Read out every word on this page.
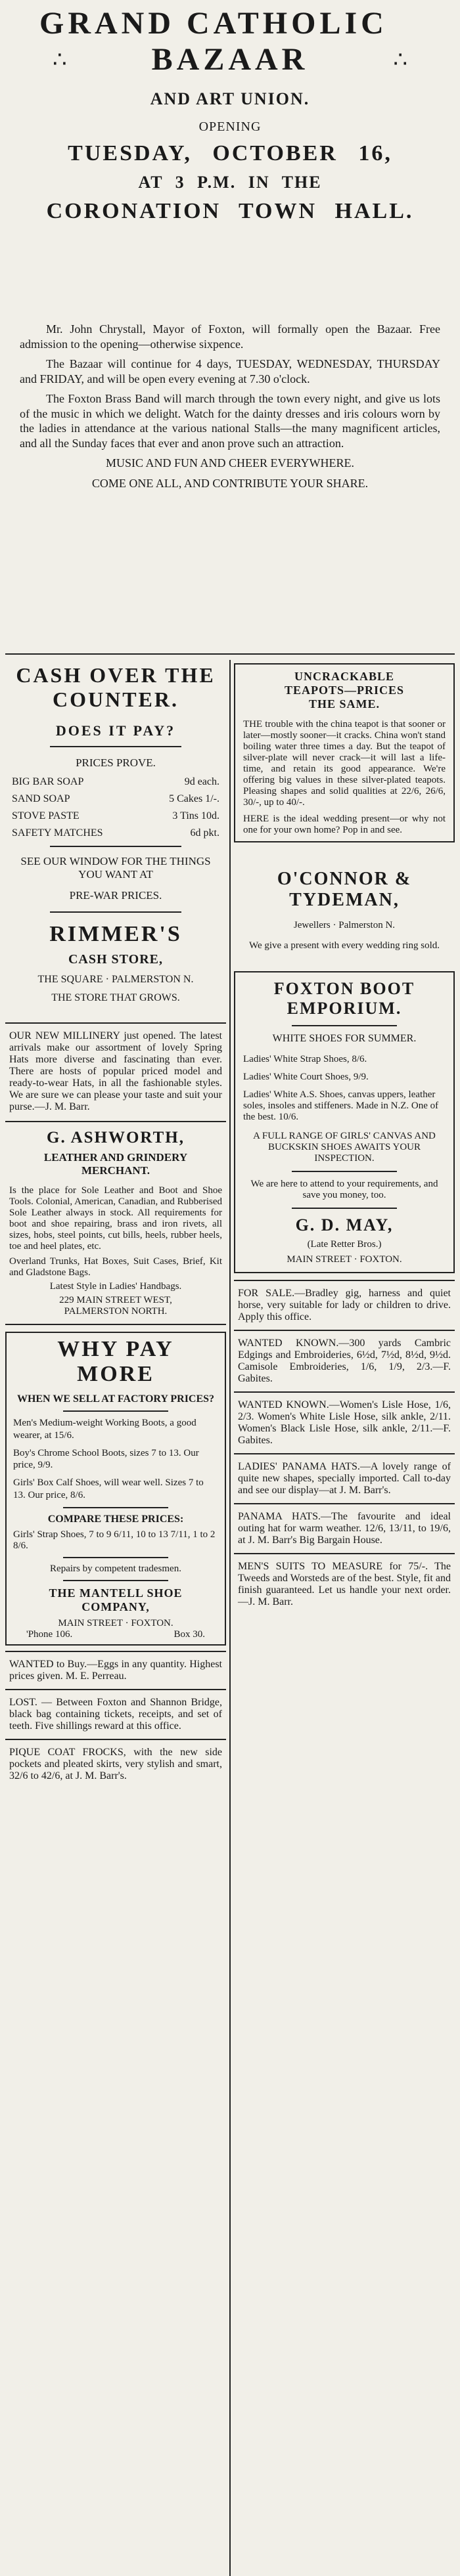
GRAND CATHOLIC
∴	BAZAAR	∴
AND ART UNION.
OPENING
TUESDAY, OCTOBER 16,
AT 3 P.M. IN THE
CORONATION TOWN HALL.

Mr. John Chrystall, Mayor of Foxton, will formally open the Bazaar. Free admission to the opening—otherwise sixpence.

The Bazaar will continue for 4 days, TUESDAY, WEDNESDAY, THURSDAY and FRIDAY, and will be open every evening at 7.30 o'clock.

The Foxton Brass Band will march through the town every night, and give us lots of the music in which we delight. Watch for the dainty dresses and iris colours worn by the ladies in attendance at the various national Stalls—the many magnificent articles, and all the Sunday faces that ever and anon prove such an attraction.

MUSIC AND FUN AND CHEER EVERYWHERE.

COME ONE ALL, AND CONTRIBUTE YOUR SHARE.

CASH OVER THE
COUNTER.
DOES IT PAY?
PRICES PROVE.
BIG BAR SOAP	9d each.
SAND SOAP	5 Cakes 1/-.
STOVE PASTE	3 Tins 10d.
SAFETY MATCHES	6d pkt.
SEE OUR WINDOW FOR THE THINGS YOU WANT AT
PRE-WAR PRICES.
RIMMER'S
CASH STORE,
THE SQUARE · PALMERSTON N.
THE STORE THAT GROWS.
OUR NEW MILLINERY just opened. The latest arrivals make our assortment of lovely Spring Hats more diverse and fascinating than ever. There are hosts of popular priced model and ready-to-wear Hats, in all the fashionable styles. We are sure we can please your taste and suit your purse.—J. M. Barr.
G. ASHWORTH,
LEATHER AND GRINDERY MERCHANT.
Is the place for Sole Leather and Boot and Shoe Tools. Colonial, American, Canadian, and Rubberised Sole Leather always in stock. All requirements for boot and shoe repairing, brass and iron rivets, all sizes, hobs, steel points, cut bills, heels, rubber heels, toe and heel plates, etc.
Overland Trunks, Hat Boxes, Suit Cases, Brief, Kit and Gladstone Bags.
Latest Style in Ladies' Handbags.
229 MAIN STREET WEST,
PALMERSTON NORTH.
WHY PAY
MORE
WHEN WE SELL AT FACTORY PRICES?

Men's Medium-weight Working Boots, a good wearer, at 15/6.

Boy's Chrome School Boots, sizes 7 to 13. Our price, 9/9.

Girls' Box Calf Shoes, will wear well. Sizes 7 to 13. Our price, 8/6.

COMPARE THESE PRICES:
Girls' Strap Shoes, 7 to 9 6/11, 10 to 13 7/11, 1 to 2 8/6.
Repairs by competent tradesmen.
THE MANTELL SHOE
COMPANY,
MAIN STREET · FOXTON.
'Phone 106.	Box 30.
WANTED to Buy.—Eggs in any quantity. Highest prices given. M. E. Perreau.
LOST. — Between Foxton and Shannon Bridge, black bag containing tickets, receipts, and set of teeth. Five shillings reward at this office.
PIQUE COAT FROCKS, with the new side pockets and pleated skirts, very stylish and smart, 32/6 to 42/6, at J. M. Barr's.
UNCRACKABLE
TEAPOTS—PRICES
THE SAME.
THE trouble with the china teapot is that sooner or later—mostly sooner—it cracks. China won't stand boiling water three times a day. But the teapot of silver-plate will never crack—it will last a life-time, and retain its good appearance. We're offering big values in these silver-plated teapots. Pleasing shapes and solid qualities at 22/6, 26/6, 30/-, up to 40/-.
HERE is the ideal wedding present—or why not one for your own home? Pop in and see.
O'CONNOR &
TYDEMAN,
Jewellers · Palmerston N.
We give a present with every wedding ring sold.
FOXTON BOOT
EMPORIUM.
WHITE SHOES FOR SUMMER.
Ladies' White Strap Shoes, 8/6.
Ladies' White Court Shoes, 9/9.
Ladies' White A.S. Shoes, canvas uppers, leather soles, insoles and stiffeners. Made in N.Z. One of the best. 10/6.
A FULL RANGE OF GIRLS' CANVAS AND BUCKSKIN SHOES AWAITS YOUR INSPECTION.
We are here to attend to your requirements, and save you money, too.
G. D. MAY,
(Late Retter Bros.)
MAIN STREET · FOXTON.
FOR SALE.—Bradley gig, harness and quiet horse, very suitable for lady or children to drive. Apply this office.
WANTED KNOWN.—300 yards Cambric Edgings and Embroideries, 6½d, 7½d, 8½d, 9½d. Camisole Embroideries, 1/6, 1/9, 2/3.—F. Gabites.
WANTED KNOWN.—Women's Lisle Hose, 1/6, 2/3. Women's White Lisle Hose, silk ankle, 2/11. Women's Black Lisle Hose, silk ankle, 2/11.—F. Gabites.
LADIES' PANAMA HATS.—A lovely range of quite new shapes, specially imported. Call to-day and see our display—at J. M. Barr's.
PANAMA HATS.—The favourite and ideal outing hat for warm weather. 12/6, 13/11, to 19/6, at J. M. Barr's Big Bargain House.
MEN'S SUITS TO MEASURE for 75/-. The Tweeds and Worsteds are of the best. Style, fit and finish guaranteed. Let us handle your next order.—J. M. Barr.
